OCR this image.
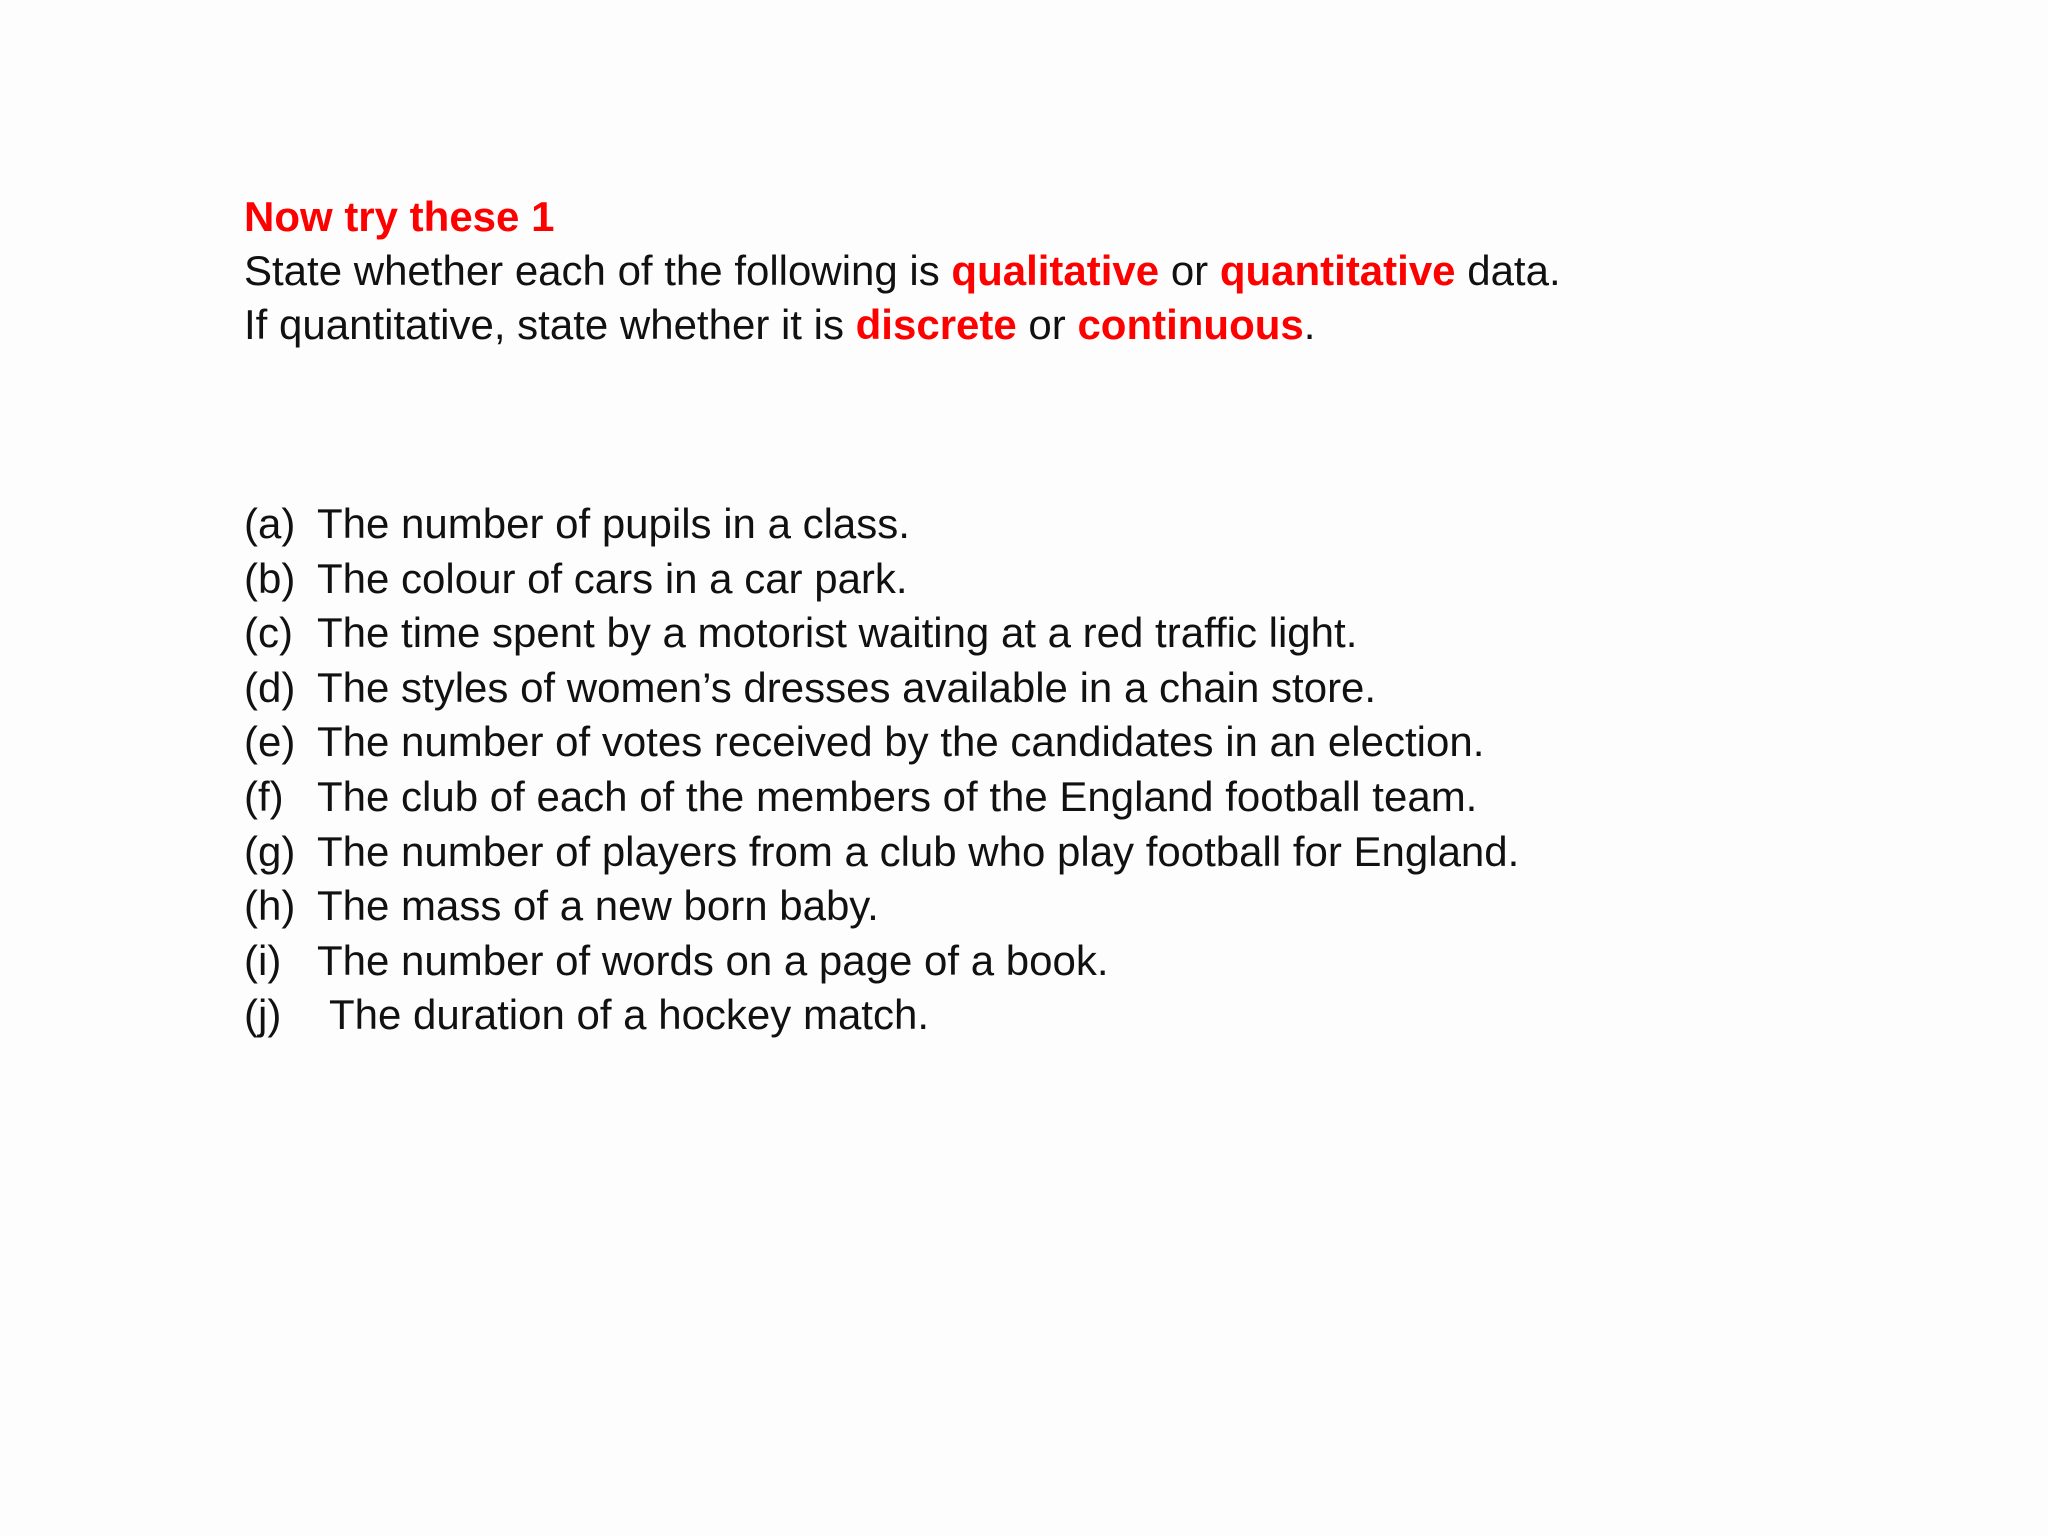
Now try these 1

State whether each of the following is qualitative or quantitative data.

If quantitative, state whether it is discrete or continuous.

(a) The number of pupils in a class.
(b) The colour of cars in a car park.
(c) The time spent by a motorist waiting at a red traffic light.
(d) The styles of women’s dresses available in a chain store.
(e) The number of votes received by the candidates in an election.
(f) The club of each of the members of the England football team.
(g) The number of players from a club who play football for England.
(h) The mass of a new born baby.
(i) The number of words on a page of a book.
(j)	The duration of a hockey match.
